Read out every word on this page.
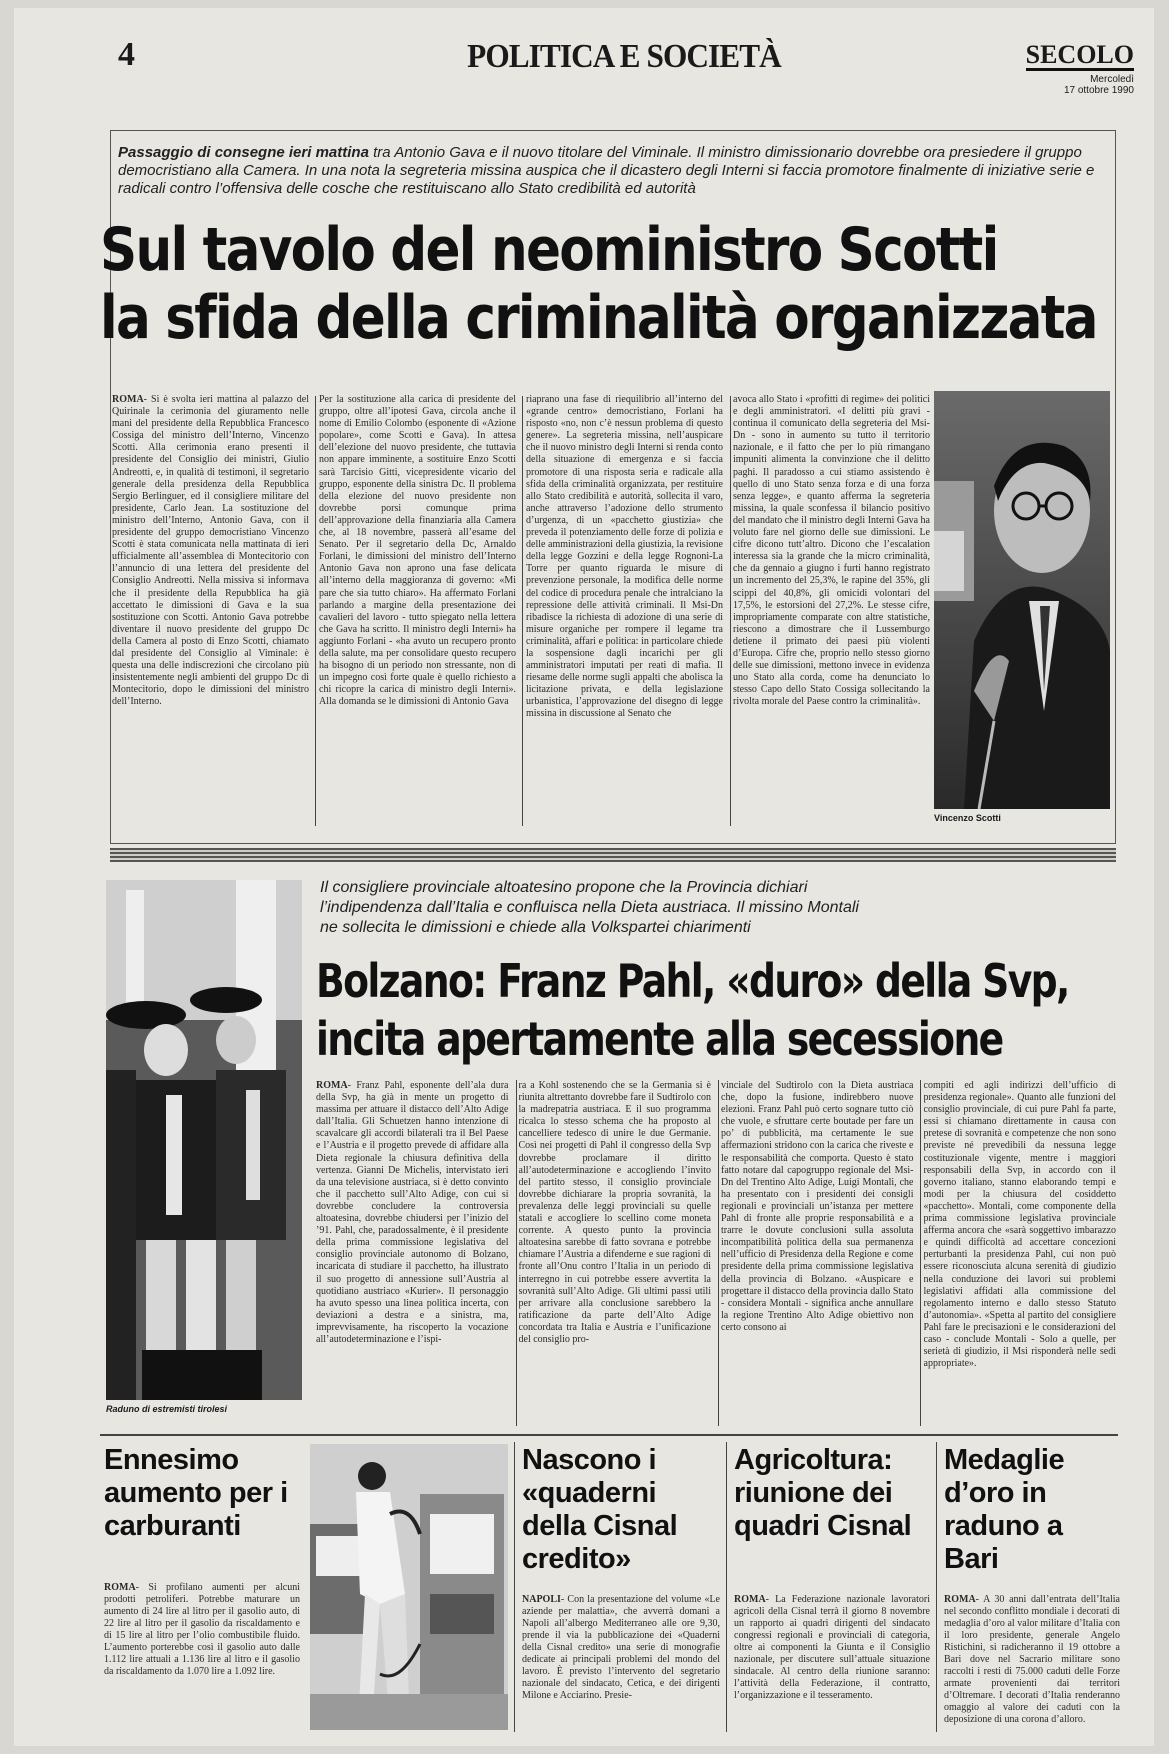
4	POLITICA E SOCIETÀ	SECOLO
Mercoledì
17 ottobre 1990
Passaggio di consegne ieri mattina tra Antonio Gava e il nuovo titolare del Viminale. Il ministro dimissionario dovrebbe ora presiedere il gruppo democristiano alla Camera. In una nota la segreteria missina auspica che il dicastero degli Interni si faccia promotore finalmente di iniziative serie e radicali contro l’offensiva delle cosche che restituiscano allo Stato credibilità ed autorità
Sul tavolo del neoministro Scotti
la sfida della criminalità organizzata
ROMA- Si è svolta ieri mattina al palazzo del Quirinale la cerimonia del giuramento nelle mani del presidente della Repubblica Francesco Cossiga del ministro dell’Interno, Vincenzo Scotti. Alla cerimonia erano presenti il presidente del Consiglio dei ministri, Giulio Andreotti, e, in qualità di testimoni, il segretario generale della presidenza della Repubblica Sergio Berlinguer, ed il consigliere militare del presidente, Carlo Jean. La sostituzione del ministro dell’Interno, Antonio Gava, con il presidente del gruppo democristiano Vincenzo Scotti è stata comunicata nella mattinata di ieri ufficialmente all’assemblea di Montecitorio con l’annuncio di una lettera del presidente del Consiglio Andreotti. Nella missiva si informava che il presidente della Repubblica ha già accettato le dimissioni di Gava e la sua sostituzione con Scotti. Antonio Gava potrebbe diventare il nuovo presidente del gruppo Dc della Camera al posto di Enzo Scotti, chiamato dal presidente del Consiglio al Viminale: è questa una delle indiscrezioni che circolano più insistentemente negli ambienti del gruppo Dc di Montecitorio, dopo le dimissioni del ministro dell’Interno.
Per la sostituzione alla carica di presidente del gruppo, oltre all’ipotesi Gava, circola anche il nome di Emilio Colombo (esponente di «Azione popolare», come Scotti e Gava). In attesa dell’elezione del nuovo presidente, che tuttavia non appare imminente, a sostituire Enzo Scotti sarà Tarcisio Gitti, vicepresidente vicario del gruppo, esponente della sinistra Dc. Il problema della elezione del nuovo presidente non dovrebbe porsi comunque prima dell’approvazione della finanziaria alla Camera che, al 18 novembre, passerà all’esame del Senato. Per il segretario della Dc, Arnaldo Forlani, le dimissioni del ministro dell’Interno Antonio Gava non aprono una fase delicata all’interno della maggioranza di governo: «Mi pare che sia tutto chiaro». Ha affermato Forlani parlando a margine della presentazione dei cavalieri del lavoro - tutto spiegato nella lettera che Gava ha scritto. Il ministro degli Interni» ha aggiunto Forlani - «ha avuto un recupero pronto della salute, ma per consolidare questo recupero ha bisogno di un periodo non stressante, non di un impegno così forte quale è quello richiesto a chi ricopre la carica di ministro degli Interni». Alla domanda se le dimissioni di Antonio Gava
riaprano una fase di riequilibrio all’interno del «grande centro» democristiano, Forlani ha risposto «no, non c’è nessun problema di questo genere». La segreteria missina, nell’auspicare che il nuovo ministro degli Interni si renda conto della situazione di emergenza e si faccia promotore di una risposta seria e radicale alla sfida della criminalità organizzata, per restituire allo Stato credibilità e autorità, sollecita il varo, anche attraverso l’adozione dello strumento d’urgenza, di un «pacchetto giustizia» che preveda il potenziamento delle forze di polizia e delle amministrazioni della giustizia, la revisione della legge Gozzini e della legge Rognoni-La Torre per quanto riguarda le misure di prevenzione personale, la modifica delle norme del codice di procedura penale che intralciano la repressione delle attività criminali. Il Msi-Dn ribadisce la richiesta di adozione di una serie di misure organiche per rompere il legame tra criminalità, affari e politica: in particolare chiede la sospensione dagli incarichi per gli amministratori imputati per reati di mafia. Il riesame delle norme sugli appalti che abolisca la licitazione privata, e della legislazione urbanistica, l’approvazione del disegno di legge missina in discussione al Senato che
avoca allo Stato i «profitti di regime» dei politici e degli amministratori. «I delitti più gravi - continua il comunicato della segreteria del Msi-Dn - sono in aumento su tutto il territorio nazionale, e il fatto che per lo più rimangano impuniti alimenta la convinzione che il delitto paghi. Il paradosso a cui stiamo assistendo è quello di uno Stato senza forza e di una forza senza legge», e quanto afferma la segreteria missina, la quale sconfessa il bilancio positivo del mandato che il ministro degli Interni Gava ha voluto fare nel giorno delle sue dimissioni. Le cifre dicono tutt’altro. Dicono che l’escalation interessa sia la grande che la micro criminalità, che da gennaio a giugno i furti hanno registrato un incremento del 25,3%, le rapine del 35%, gli scippi del 40,8%, gli omicidi volontari del 17,5%, le estorsioni del 27,2%. Le stesse cifre, impropriamente comparate con altre statistiche, riescono a dimostrare che il Lussemburgo detiene il primato dei paesi più violenti d’Europa. Cifre che, proprio nello stesso giorno delle sue dimissioni, mettono invece in evidenza uno Stato alla corda, come ha denunciato lo stesso Capo dello Stato Cossiga sollecitando la rivolta morale del Paese contro la criminalità».
Vincenzo Scotti
Raduno di estremisti tirolesi
Il consigliere provinciale altoatesino propone che la Provincia dichiari l’indipendenza dall’Italia e confluisca nella Dieta austriaca. Il missino Montali ne sollecita le dimissioni e chiede alla Volkspartei chiarimenti
Bolzano: Franz Pahl, «duro» della Svp,
incita apertamente alla secessione
ROMA- Franz Pahl, esponente dell’ala dura della Svp, ha già in mente un progetto di massima per attuare il distacco dell’Alto Adige dall’Italia. Gli Schuetzen hanno intenzione di scavalcare gli accordi bilaterali tra il Bel Paese e l’Austria e il progetto prevede di affidare alla Dieta regionale la chiusura definitiva della vertenza. Gianni De Michelis, intervistato ieri da una televisione austriaca, si è detto convinto che il pacchetto sull’Alto Adige, con cui si dovrebbe concludere la controversia altoatesina, dovrebbe chiudersi per l’inizio del ’91. Pahl, che, paradossalmente, è il presidente della prima commissione legislativa del consiglio provinciale autonomo di Bolzano, incaricata di studiare il pacchetto, ha illustrato il suo progetto di annessione sull’Austria al quotidiano austriaco «Kurier». Il personaggio ha avuto spesso una linea politica incerta, con deviazioni a destra e a sinistra, ma, imprevvisamente, ha riscoperto la vocazione all’autodeterminazione e l’ispi-
ra a Kohl sostenendo che se la Germania si è riunita altrettanto dovrebbe fare il Sudtirolo con la madrepatria austriaca. E il suo programma ricalca lo stesso schema che ha proposto al cancelliere tedesco di unire le due Germanie. Così nei progetti di Pahl il congresso della Svp dovrebbe proclamare il diritto all’autodeterminazione e accogliendo l’invito del partito stesso, il consiglio provinciale dovrebbe dichiarare la propria sovranità, la prevalenza delle leggi provinciali su quelle statali e accogliere lo scellino come moneta corrente. A questo punto la provincia altoatesina sarebbe di fatto sovrana e potrebbe chiamare l’Austria a difenderne e sue ragioni di fronte all’Onu contro l’Italia in un periodo di interregno in cui potrebbe essere avvertita la sovranità sull’Alto Adige. Gli ultimi passi utili per arrivare alla conclusione sarebbero la ratificazione da parte dell’Alto Adige concordata tra Italia e Austria e l’unificazione del consiglio pro-
vinciale del Sudtirolo con la Dieta austriaca che, dopo la fusione, indirebbero nuove elezioni. Franz Pahl può certo sognare tutto ciò che vuole, e sfruttare certe boutade per fare un po’ di pubblicità, ma certamente le sue affermazioni stridono con la carica che riveste e le responsabilità che comporta. Questo è stato fatto notare dal capogruppo regionale del Msi-Dn del Trentino Alto Adige, Luigi Montali, che ha presentato con i presidenti dei consigli regionali e provinciali un’istanza per mettere Pahl di fronte alle proprie responsabilità e a trarre le dovute conclusioni sulla assoluta incompatibilità politica della sua permanenza nell’ufficio di Presidenza della Regione e come presidente della prima commissione legislativa della provincia di Bolzano. «Auspicare e progettare il distacco della provincia dallo Stato - considera Montali - significa anche annullare la regione Trentino Alto Adige obiettivo non certo consono ai
compiti ed agli indirizzi dell’ufficio di presidenza regionale». Quanto alle funzioni del consiglio provinciale, di cui pure Pahl fa parte, essi si chiamano direttamente in causa con pretese di sovranità e competenze che non sono previste né prevedibili da nessuna legge costituzionale vigente, mentre i maggiori responsabili della Svp, in accordo con il governo italiano, stanno elaborando tempi e modi per la chiusura del cosiddetto «pacchetto». Montali, come componente della prima commissione legislativa provinciale afferma ancora che «sarà soggettivo imbarazzo e quindi difficoltà ad accettare concezioni perturbanti la presidenza Pahl, cui non può essere riconosciuta alcuna serenità di giudizio nella conduzione dei lavori sui problemi legislativi affidati alla commissione del regolamento interno e dallo stesso Statuto d’autonomia». «Spetta al partito del consigliere Pahl fare le precisazioni e le considerazioni del caso - conclude Montali - Solo a quelle, per serietà di giudizio, il Msi risponderà nelle sedi appropriate».
Ennesimo aumento per i carburanti
ROMA- Si profilano aumenti per alcuni prodotti petroliferi. Potrebbe maturare un aumento di 24 lire al litro per il gasolio auto, di 22 lire al litro per il gasolio da riscaldamento e di 15 lire al litro per l’olio combustibile fluido. L’aumento porterebbe così il gasolio auto dalle 1.112 lire attuali a 1.136 lire al litro e il gasolio da riscaldamento da 1.070 lire a 1.092 lire.
Nascono i «quaderni della Cisnal credito»
NAPOLI- Con la presentazione del volume «Le aziende per malattia», che avverrà domani a Napoli all’albergo Mediterraneo alle ore 9,30, prende il via la pubblicazione dei «Quaderni della Cisnal credito» una serie di monografie dedicate ai principali problemi del mondo del lavoro. È previsto l’intervento del segretario nazionale del sindacato, Cetica, e dei dirigenti Milone e Acciarino. Presie-
Agricoltura: riunione dei quadri Cisnal
ROMA- La Federazione nazionale lavoratori agricoli della Cisnal terrà il giorno 8 novembre un rapporto ai quadri dirigenti del sindacato congressi regionali e provinciali di categoria, oltre ai componenti la Giunta e il Consiglio nazionale, per discutere sull’attuale situazione sindacale. Al centro della riunione saranno: l’attività della Federazione, il contratto, l’organizzazione e il tesseramento.
Medaglie d’oro in raduno a Bari
ROMA- A 30 anni dall’entrata dell’Italia nel secondo conflitto mondiale i decorati di medaglia d’oro al valor militare d’Italia con il loro presidente, generale Angelo Ristichini, si radicheranno il 19 ottobre a Bari dove nel Sacrario militare sono raccolti i resti di 75.000 caduti delle Forze armate provenienti dai territori d’Oltremare. I decorati d’Italia renderanno omaggio al valore dei caduti con la deposizione di una corona d’alloro.
